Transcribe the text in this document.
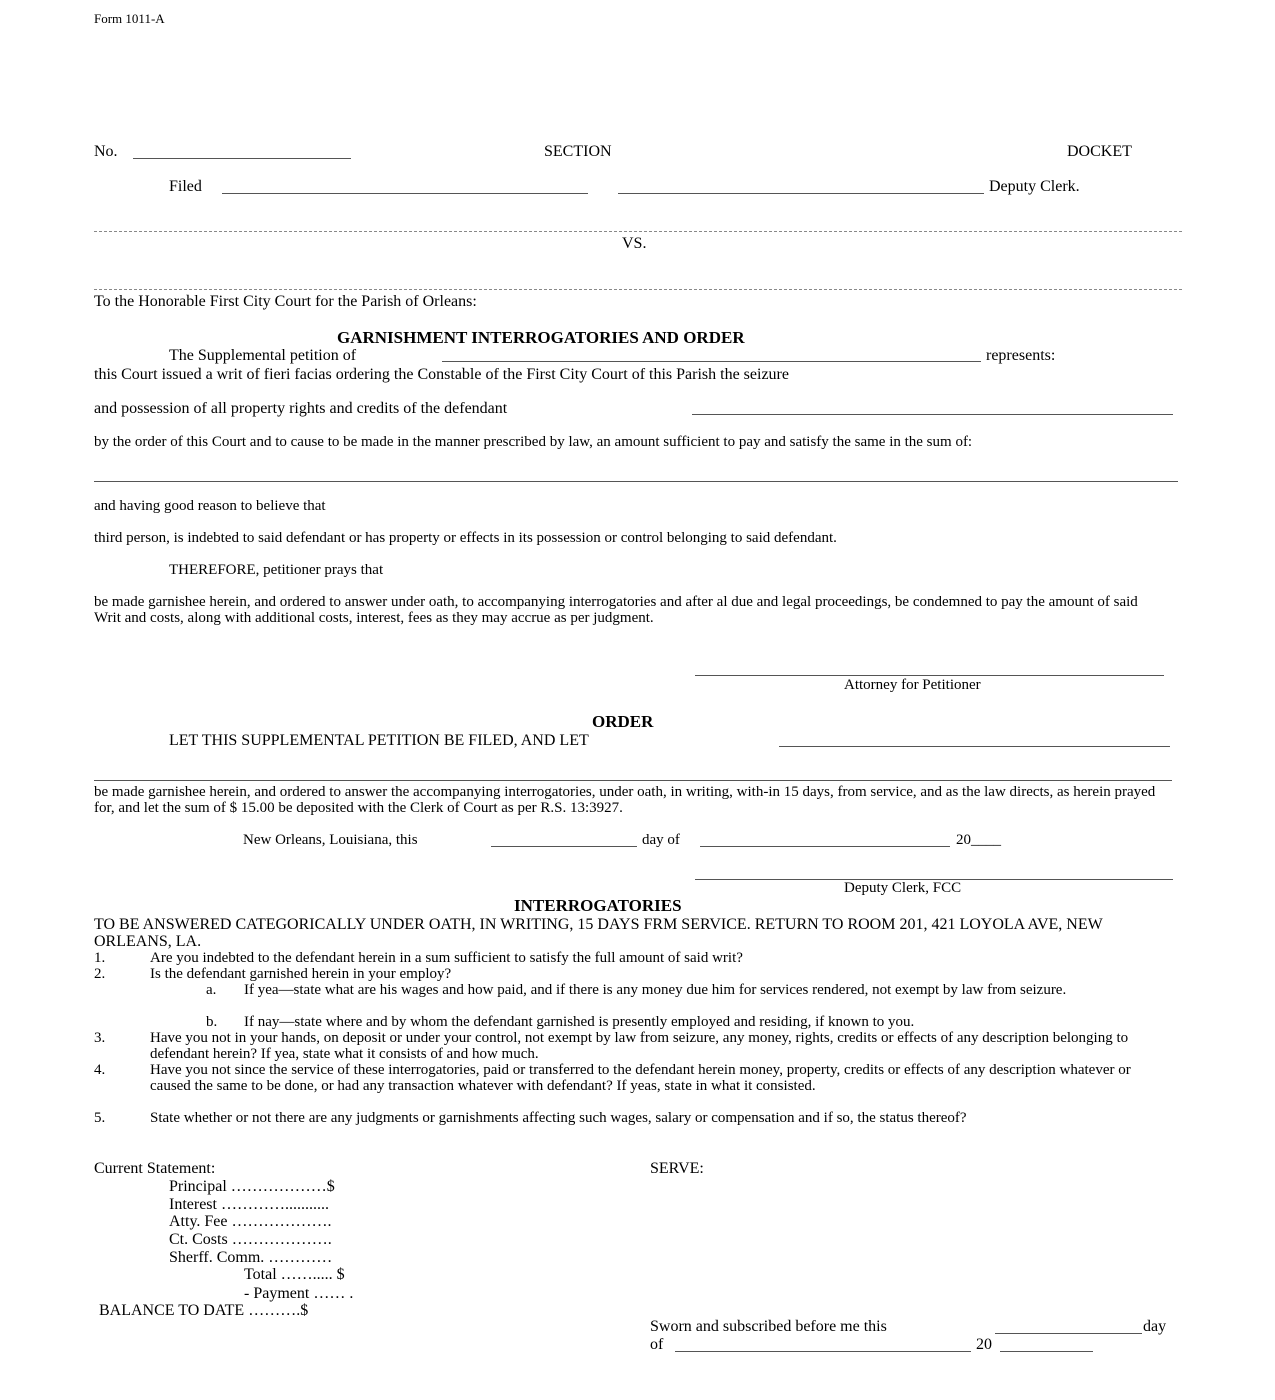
Form 1011-A
No.	SECTION	DOCKET
Filed	Deputy Clerk.
VS.
To the Honorable First City Court for the Parish of Orleans:
GARNISHMENT INTERROGATORIES AND ORDER
The Supplemental petition of	represents:
this Court issued a writ of fieri facias ordering the Constable of the First City Court of this Parish the seizure
and possession of all property rights and credits of the defendant
by the order of this Court and to cause to be made in the manner prescribed by law, an amount sufficient to pay and satisfy the same in the sum of:
and having good reason to believe that
third person, is indebted to said defendant or has property or effects in its possession or control belonging to said defendant.
THEREFORE, petitioner prays that
be made garnishee herein, and ordered to answer under oath, to accompanying interrogatories and after al due and legal proceedings, be condemned to pay the amount of said Writ and costs, along with additional costs, interest, fees as they may accrue as per judgment.
Attorney for Petitioner
ORDER
LET THIS SUPPLEMENTAL PETITION BE FILED, AND LET
be made garnishee herein, and ordered to answer the accompanying interrogatories, under oath, in writing, with-in 15 days, from service, and as the law directs, as herein prayed for, and let the sum of $ 15.00 be deposited with the Clerk of Court as per R.S. 13:3927.
New Orleans, Louisiana, this	day of	20____
Deputy Clerk, FCC
INTERROGATORIES
TO BE ANSWERED CATEGORICALLY UNDER OATH, IN WRITING, 15 DAYS FRM SERVICE. RETURN TO ROOM 201, 421 LOYOLA AVE, NEW ORLEANS, LA.
1.	Are you indebted to the defendant herein in a sum sufficient to satisfy the full amount of said writ?
2.	Is the defendant garnished herein in your employ?
a. If yea—state what are his wages and how paid, and if there is any money due him for services rendered, not exempt by law from seizure.
b. If nay—state where and by whom the defendant garnished is presently employed and residing, if known to you.
3.	Have you not in your hands, on deposit or under your control, not exempt by law from seizure, any money, rights, credits or effects of any description belonging to defendant herein? If yea, state what it consists of and how much.
4.	Have you not since the service of these interrogatories, paid or transferred to the defendant herein money, property, credits or effects of any description whatever or caused the same to be done, or had any transaction whatever with defendant? If yeas, state in what it consisted.
5.	State whether or not there are any judgments or garnishments affecting such wages, salary or compensation and if so, the status thereof?
Current Statement:
Principal ………………$
Interest …………...........
Atty. Fee ……………….
Ct. Costs ……………….
Sherff. Comm. …………
Total ……..... $
- Payment …… .
BALANCE TO DATE ……….$
SERVE:
Sworn and subscribed before me this	day
of	20
